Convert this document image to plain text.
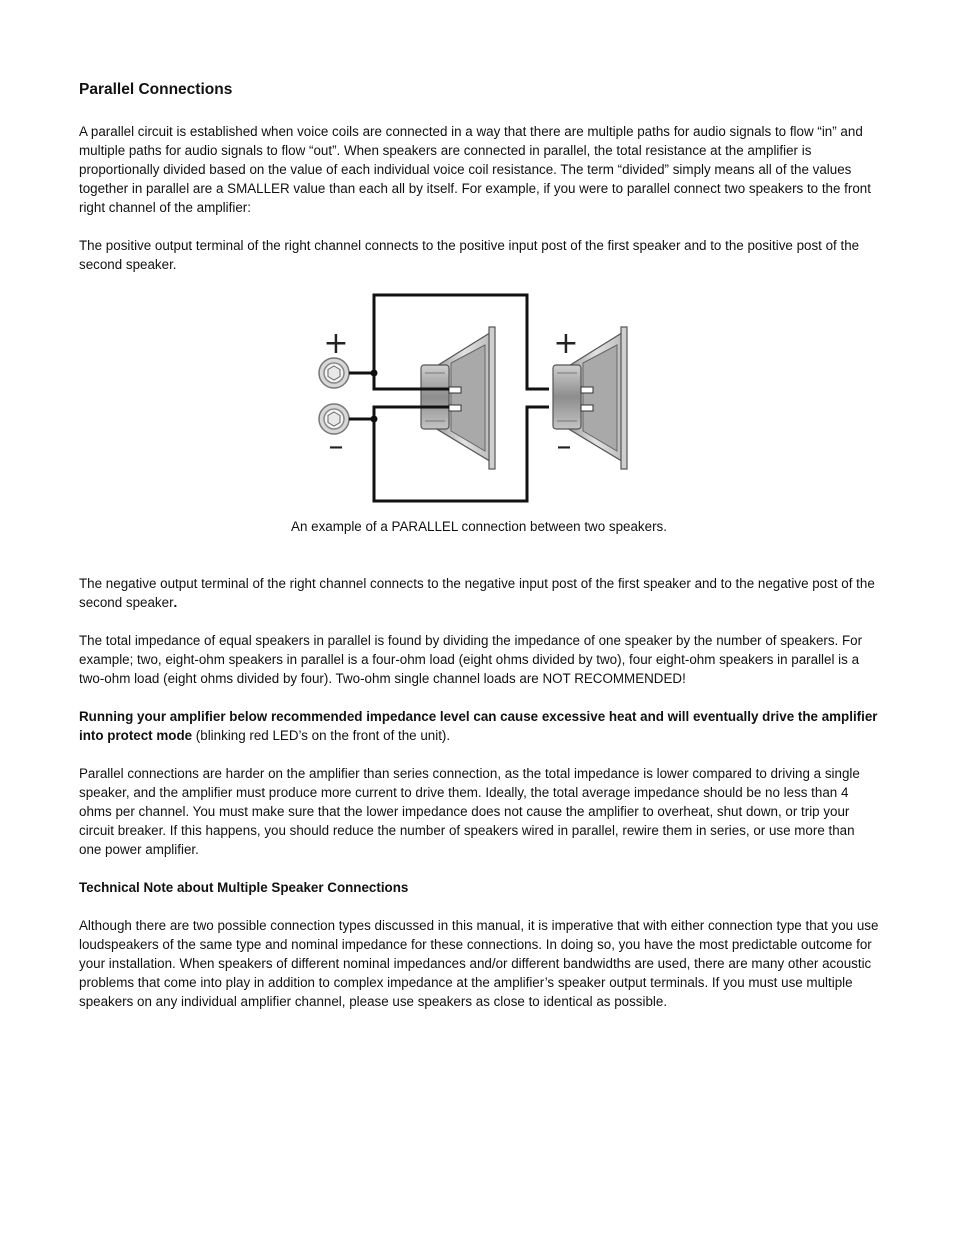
Parallel Connections

A parallel circuit is established when voice coils are connected in a way that there are multiple paths for audio signals to flow “in” and multiple paths for audio signals to flow “out”. When speakers are connected in parallel, the total resistance at the amplifier is proportionally divided based on the value of each individual voice coil resistance. The term “divided” simply means all of the values together in parallel are a SMALLER value than each all by itself. For example, if you were to parallel connect two speakers to the front right channel of the amplifier:

The positive output terminal of the right channel connects to the positive input post of the first speaker and to the positive post of the second speaker.

+
–
+
–

An example of a PARALLEL connection between two speakers.

The negative output terminal of the right channel connects to the negative input post of the first speaker and to the negative post of the second speaker.

The total impedance of equal speakers in parallel is found by dividing the impedance of one speaker by the number of speakers. For example; two, eight-ohm speakers in parallel is a four-ohm load (eight ohms divided by two), four eight-ohm speakers in parallel is a two-ohm load (eight ohms divided by four). Two-ohm single channel loads are NOT RECOMMENDED!

Running your amplifier below recommended impedance level can cause excessive heat and will eventually drive the amplifier into protect mode (blinking red LED’s on the front of the unit).

Parallel connections are harder on the amplifier than series connection, as the total impedance is lower compared to driving a single speaker, and the amplifier must produce more current to drive them. Ideally, the total average impedance should be no less than 4 ohms per channel. You must make sure that the lower impedance does not cause the amplifier to overheat, shut down, or trip your circuit breaker. If this happens, you should reduce the number of speakers wired in parallel, rewire them in series, or use more than one power amplifier.

Technical Note about Multiple Speaker Connections

Although there are two possible connection types discussed in this manual, it is imperative that with either connection type that you use loudspeakers of the same type and nominal impedance for these connections. In doing so, you have the most predictable outcome for your installation. When speakers of different nominal impedances and/or different bandwidths are used, there are many other acoustic problems that come into play in addition to complex impedance at the amplifier’s speaker output terminals. If you must use multiple speakers on any individual amplifier channel, please use speakers as close to identical as possible.
